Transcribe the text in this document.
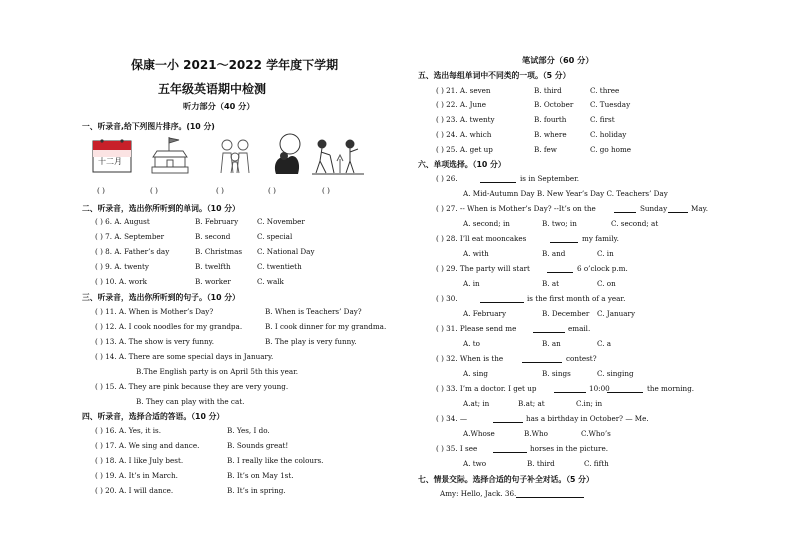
保康一小 2021～2022 学年度下学期
五年级英语期中检测
听力部分（40 分）
一、听录音,给下列图片排序。(10 分)
十二月
( )	( )	( )	( )	( )
二、听录音，选出你所听到的单词。（10 分）
( ) 6. A. August	B. February	C. November
( ) 7. A. September	B. second	C. special
( ) 8. A. Father’s day	B. Christmas C. National Day
( ) 9. A. twenty	B. twelfth	C. twentieth
( ) 10. A. work	B. worker	C. walk
三、听录音，选出你所听到的句子。（10 分）
( ) 11. A. When is Mother’s Day?	B. When is Teachers’ Day?
( ) 12. A. I cook noodles for my grandpa.	B. I cook dinner for my grandma.
( ) 13. A. The show is very funny.	B. The play is very funny.
( ) 14. A. There are some special days in January.
B.The English party is on April 5th this year.
( ) 15. A. They are pink because they are very young.
B. They can play with the cat.
四、听录音，选择合适的答语。（10 分）
( ) 16. A. Yes, it is.	B. Yes, I do.
( ) 17. A. We sing and dance.	B. Sounds great!
( ) 18. A. I like July best.	B. I really like the colours.
( ) 19. A. It’s in March.	B. It’s on May 1st.
( ) 20. A. I will dance.	B. It’s in spring.
笔试部分（60 分）
五、选出每组单词中不同类的一项。（5 分）
( ) 21. A. seven	B. third	C. three
( ) 22. A. June	B. October C. Tuesday
( ) 23. A. twenty	B. fourth	C. first
( ) 24. A. which	B. where	C. holiday
( ) 25. A. get up	B. few	C. go home
六、单项选择。（10 分）
( ) 26.	is in September.
A. Mid-Autumn Day B. New Year’s Day C. Teachers’ Day
( ) 27. -- When is Mother’s Day? --It’s on the	Sunday	May.
A. second; in	B. two; in	C. second; at
( ) 28. I’ll eat mooncakes	my family.
A. with	B. and	C. in
( ) 29. The party will start	6 o’clock p.m.
A. in	B. at	C. on
( ) 30.	is the first month of a year.
A. February	B. December C. January
( ) 31. Please send me	email.
A. to	B. an	C. a
( ) 32. When is the	contest?
A. sing	B. sings	C. singing
( ) 33. I’m a doctor. I get up	10:00	the morning.
A.at; in	B.at; at	C.in; in
( ) 34. —	has a birthday in October? — Me.
A.Whose	B.Who	C.Who’s
( ) 35. I see	horses in the picture.
A. two	B. third	C. fifth
七、情景交际。选择合适的句子补全对话。（5 分）
Amy: Hello, Jack. 36.
